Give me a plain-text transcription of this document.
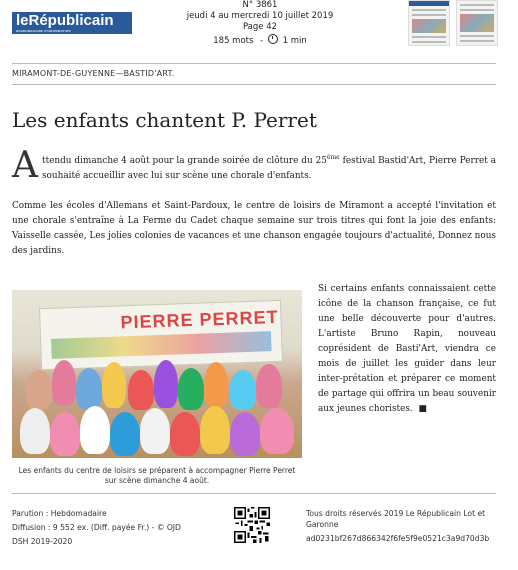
leRépublicain
HEBDOMADAIRE D'INFORMATION
N° 3861
jeudi 4 au mercredi 10 juillet 2019
Page 42
185 mots - 1 min
MIRAMONT-DE-GUYENNE—BASTID'ART.
Les enfants chantent P. Perret
A ttendu dimanche 4 août pour la grande soirée de clôture du 25ème festival Bastid'Art, Pierre Perret a souhaité accueillir avec lui sur scène une chorale d'enfants.
Comme les écoles d'Allemans et Saint-Pardoux, le centre de loisirs de Miramont a accepté l'invitation et une chorale s'entraîne à La Ferme du Cadet chaque semaine sur trois titres qui font la joie des enfants: Vaisselle cassée, Les jolies colonies de vacances et une chanson engagée toujours d'actualité, Donnez nous des jardins.
PIERRE PERRET
Si certains enfants connaissaient cette icône de la chanson française, ce fut une belle découverte pour d'autres. L'artiste Bruno Rapin, nouveau coprésident de Basti'Art, viendra ce mois de juillet les guider dans leur inter-prétation et préparer ce moment de partage qui offrira un beau souvenir aux jeunes choristes. ■
Les enfants du centre de loisirs se préparent à accompagner Pierre Perret sur scène dimanche 4 août.
Parution : Hebdomadaire
Diffusion : 9 552 ex. (Diff. payée Fr.) - © OJD
DSH 2019-2020
Tous droits réservés 2019 Le Républicain Lot et Garonne
ad0231bf267d866342f6fe5f9e0521c3a9d70d3b
